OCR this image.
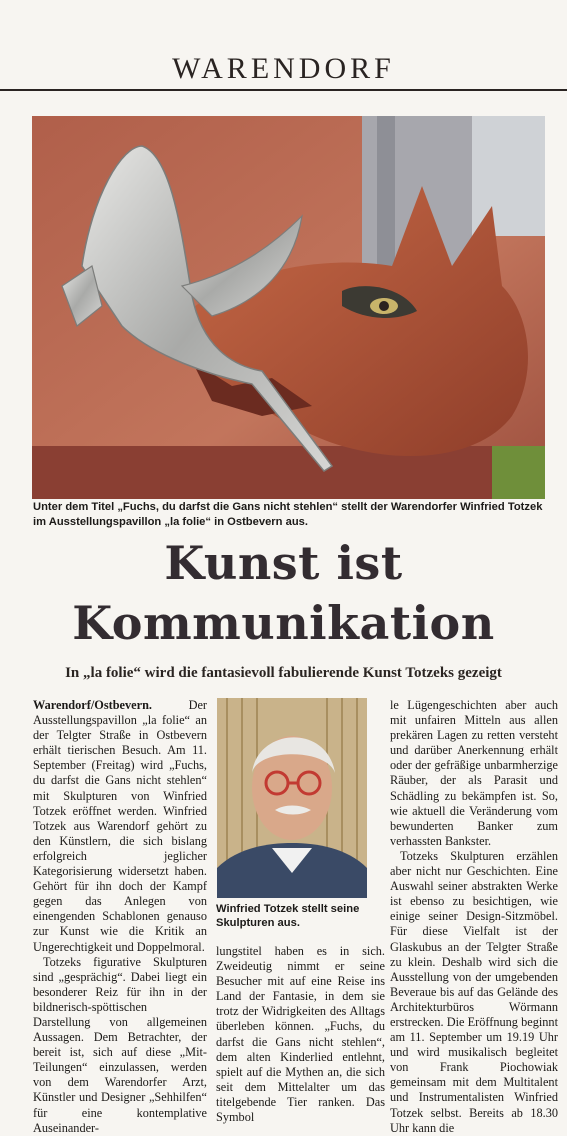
WARENDORF
Unter dem Titel „Fuchs, du darfst die Gans nicht stehlen“ stellt der Warendorfer Winfried Totzek im Ausstellungspavillon „la folie“ in Ostbevern aus.
Kunst ist
Kommunikation
In „la folie“ wird die fantasievoll fabulierende Kunst Totzeks gezeigt

Warendorf/Ostbevern.	Der Ausstellungspavillon „la folie“ an der Telgter Straße in Ostbevern erhält tierischen Besuch. Am 11. September (Freitag) wird „Fuchs, du darfst die Gans nicht stehlen“ mit Skulpturen von Winfried Totzek eröffnet werden. Winfried Totzek aus Warendorf gehört zu den Künstlern, die sich bislang erfolgreich jeglicher Kategorisierung widersetzt haben. Gehört für ihn doch der Kampf gegen das Anlegen von einengenden Schablonen genauso zur Kunst wie die Kritik an Ungerechtigkeit und Doppelmoral.

Totzeks figurative Skulpturen sind „gesprächig“. Dabei liegt ein besonderer Reiz für ihn in der bildnerisch-spöttischen Darstellung von allgemeinen Aussagen. Dem Betrachter, der bereit ist, sich auf diese „Mit-Teilungen“ einzulassen, werden von dem Warendorfer Arzt, Künstler und Designer „Sehhilfen“ für eine kontemplative Auseinander-

Winfried Totzek stellt seine Skulpturen aus.

lungstitel haben es in sich. Zweideutig nimmt er seine Besucher mit auf eine Reise ins Land der Fantasie, in dem sie trotz der Widrigkeiten des Alltags überleben können. „Fuchs, du darfst die Gans nicht stehlen“, dem alten Kinderlied entlehnt, spielt auf die Mythen an, die sich seit dem Mittelalter um das titelgebende Tier ranken. Das Symbol

le Lügengeschichten aber auch mit unfairen Mitteln aus allen prekären Lagen zu retten versteht und darüber Anerkennung erhält oder der gefräßige unbarmherzige Räuber, der als Parasit und Schädling zu bekämpfen ist. So, wie aktuell die Veränderung vom bewunderten Banker zum verhassten Bankster.

Totzeks Skulpturen erzählen aber nicht nur Geschichten. Eine Auswahl seiner abstrakten Werke ist ebenso zu besichtigen, wie einige seiner Design-Sitzmöbel. Für diese Vielfalt ist der Glaskubus an der Telgter Straße zu klein. Deshalb wird sich die Ausstellung von der umgebenden Beveraue bis auf das Gelände des Architekturbüros Wörmann erstrecken. Die Eröffnung beginnt am 11. September um 19.19 Uhr und wird musikalisch begleitet von Frank Piochowiak gemeinsam mit dem Multitalent und Instrumentalisten Winfried Totzek selbst. Bereits ab 18.30 Uhr kann die
